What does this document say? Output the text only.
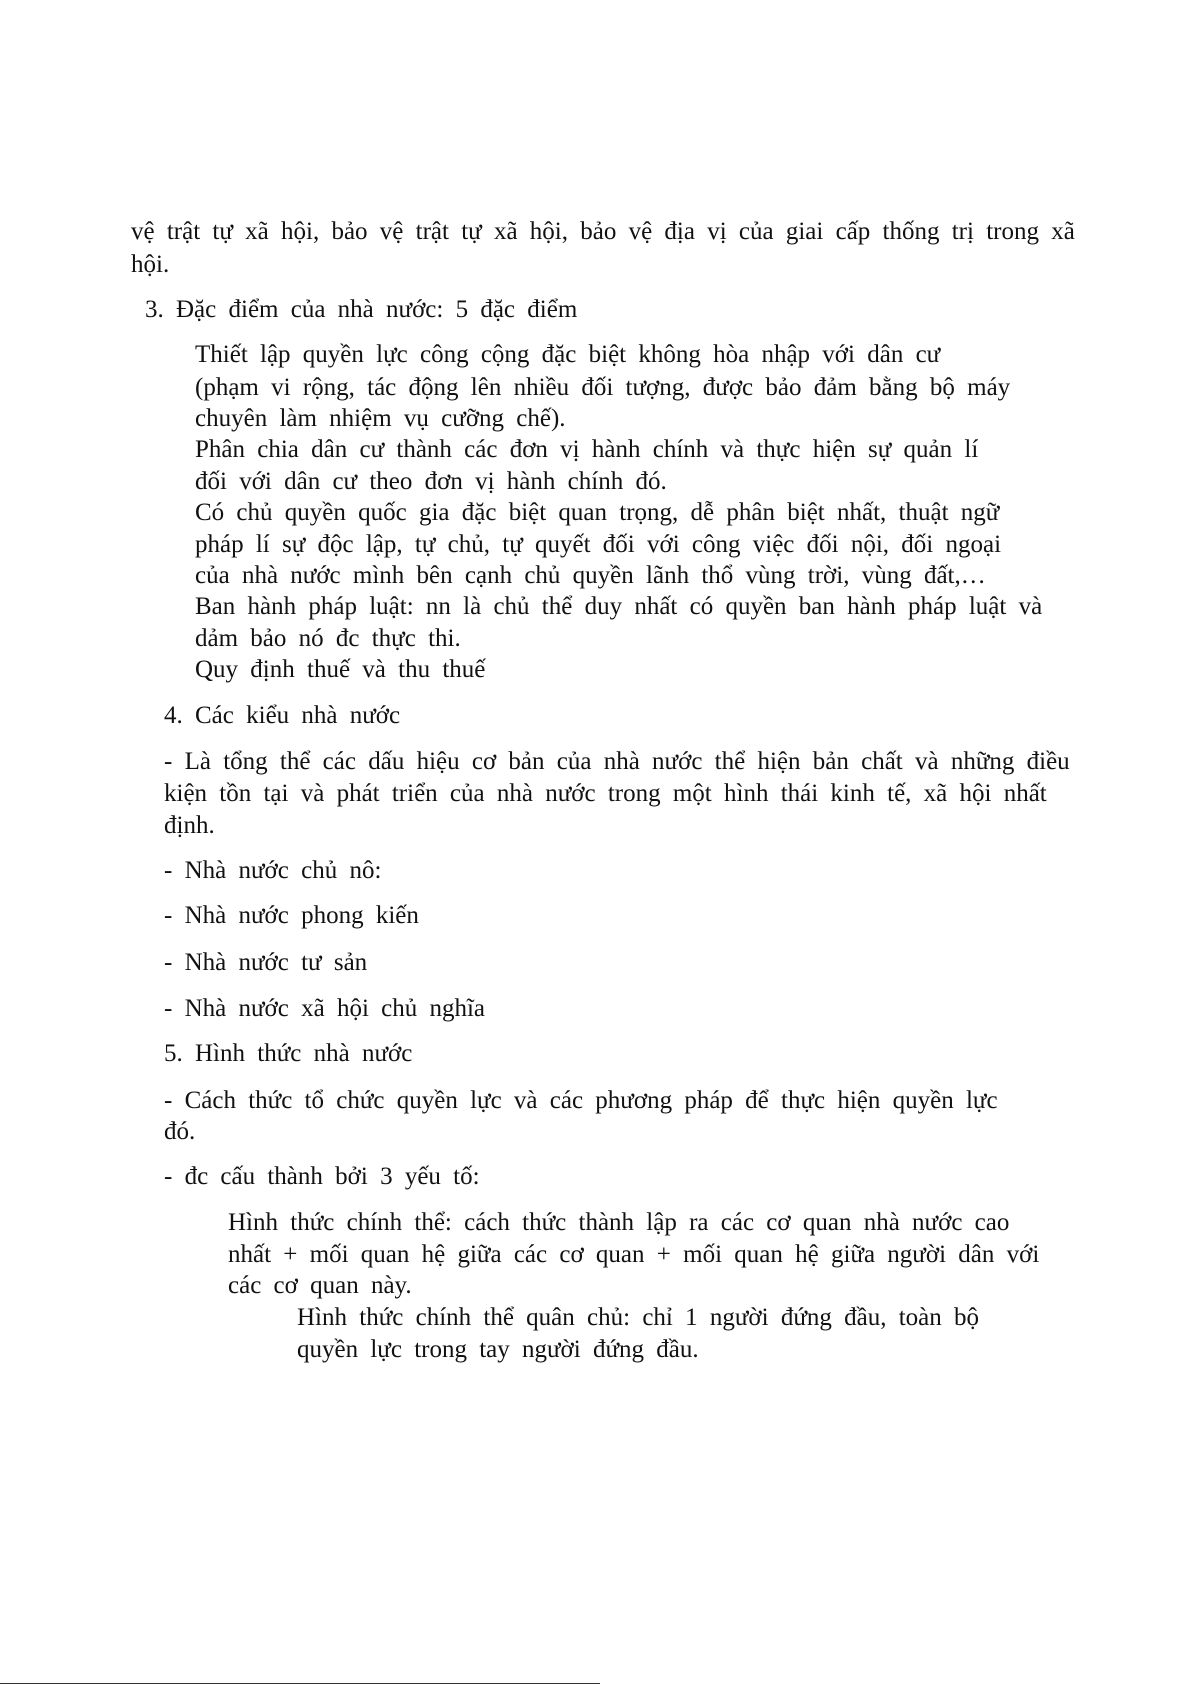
vệ trật tự xã hội, bảo vệ trật tự xã hội, bảo vệ địa vị của giai cấp thống trị trong xã
hội.
3. Đặc điểm của nhà nước: 5 đặc điểm
Thiết lập quyền lực công cộng đặc biệt không hòa nhập với dân cư
(phạm vi rộng, tác động lên nhiều đối tượng, được bảo đảm bằng bộ máy
chuyên làm nhiệm vụ cưỡng chế).
Phân chia dân cư thành các đơn vị hành chính và thực hiện sự quản lí
đối với dân cư theo đơn vị hành chính đó.
Có chủ quyền quốc gia đặc biệt quan trọng, dễ phân biệt nhất, thuật ngữ
pháp lí sự độc lập, tự chủ, tự quyết đối với công việc đối nội, đối ngoại
của nhà nước mình bên cạnh chủ quyền lãnh thổ vùng trời, vùng đất,…
Ban hành pháp luật: nn là chủ thể duy nhất có quyền ban hành pháp luật và
dảm bảo nó đc thực thi.
Quy định thuế và thu thuế
4. Các kiểu nhà nước
- Là tổng thể các dấu hiệu cơ bản của nhà nước thể hiện bản chất và những điều
kiện tồn tại và phát triển của nhà nước trong một hình thái kinh tế, xã hội nhất
định.
- Nhà nước chủ nô:
- Nhà nước phong kiến
- Nhà nước tư sản
- Nhà nước xã hội chủ nghĩa
5. Hình thức nhà nước
- Cách thức tổ chức quyền lực và các phương pháp để thực hiện quyền lực
đó.
- đc cấu thành bởi 3 yếu tố:
Hình thức chính thể: cách thức thành lập ra các cơ quan nhà nước cao
nhất + mối quan hệ giữa các cơ quan + mối quan hệ giữa người dân với
các cơ quan này.
Hình thức chính thể quân chủ: chỉ 1 người đứng đầu, toàn bộ
quyền lực trong tay người đứng đầu.
